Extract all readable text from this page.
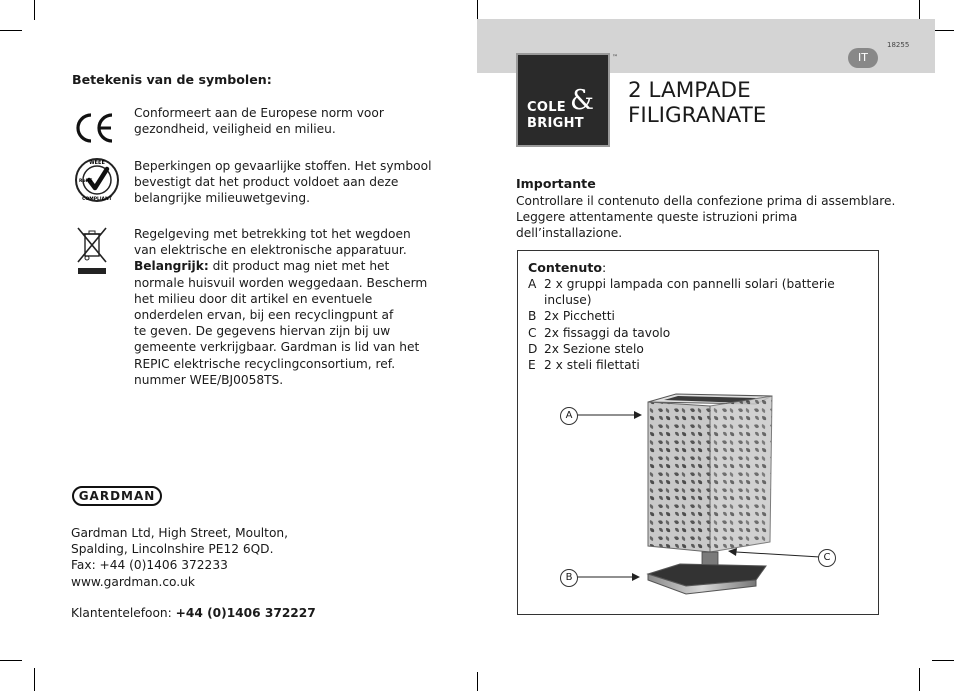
Betekenis van de symbolen:
Conformeert aan de Europese norm voor
gezondheid, veiligheid en milieu.
WEEE
COMPLIANT
RoHS
Beperkingen op gevaarlijke stoffen. Het symbool
bevestigt dat het product voldoet aan deze
belangrijke milieuwetgeving.
Regelgeving met betrekking tot het wegdoen
van elektrische en elektronische apparatuur.
Belangrijk: dit product mag niet met het
normale huisvuil worden weggedaan. Bescherm
het milieu door dit artikel en eventuele
onderdelen ervan, bij een recyclingpunt af
te geven. De gegevens hiervan zijn bij uw
gemeente verkrijgbaar. Gardman is lid van het
REPIC elektrische recyclingconsortium, ref.
nummer WEE/BJ0058TS.
GARDMAN
Gardman Ltd, High Street, Moulton,
Spalding, Lincolnshire PE12 6QD.
Fax: +44 (0)1406 372233
www.gardman.co.uk
Klantentelefoon: +44 (0)1406 372227
18255
IT
COLE &
BRIGHT
™
2 LAMPADE
FILIGRANATE
Importante
Controllare il contenuto della confezione prima di assemblare.
Leggere attentamente queste istruzioni prima
dell’installazione.
Contenuto:
A 2 x gruppi lampada con pannelli solari (batterie
incluse)
B 2x Picchetti
C 2x fissaggi da tavolo
D 2x Sezione stelo
E 2 x steli filettati
A
B
C
